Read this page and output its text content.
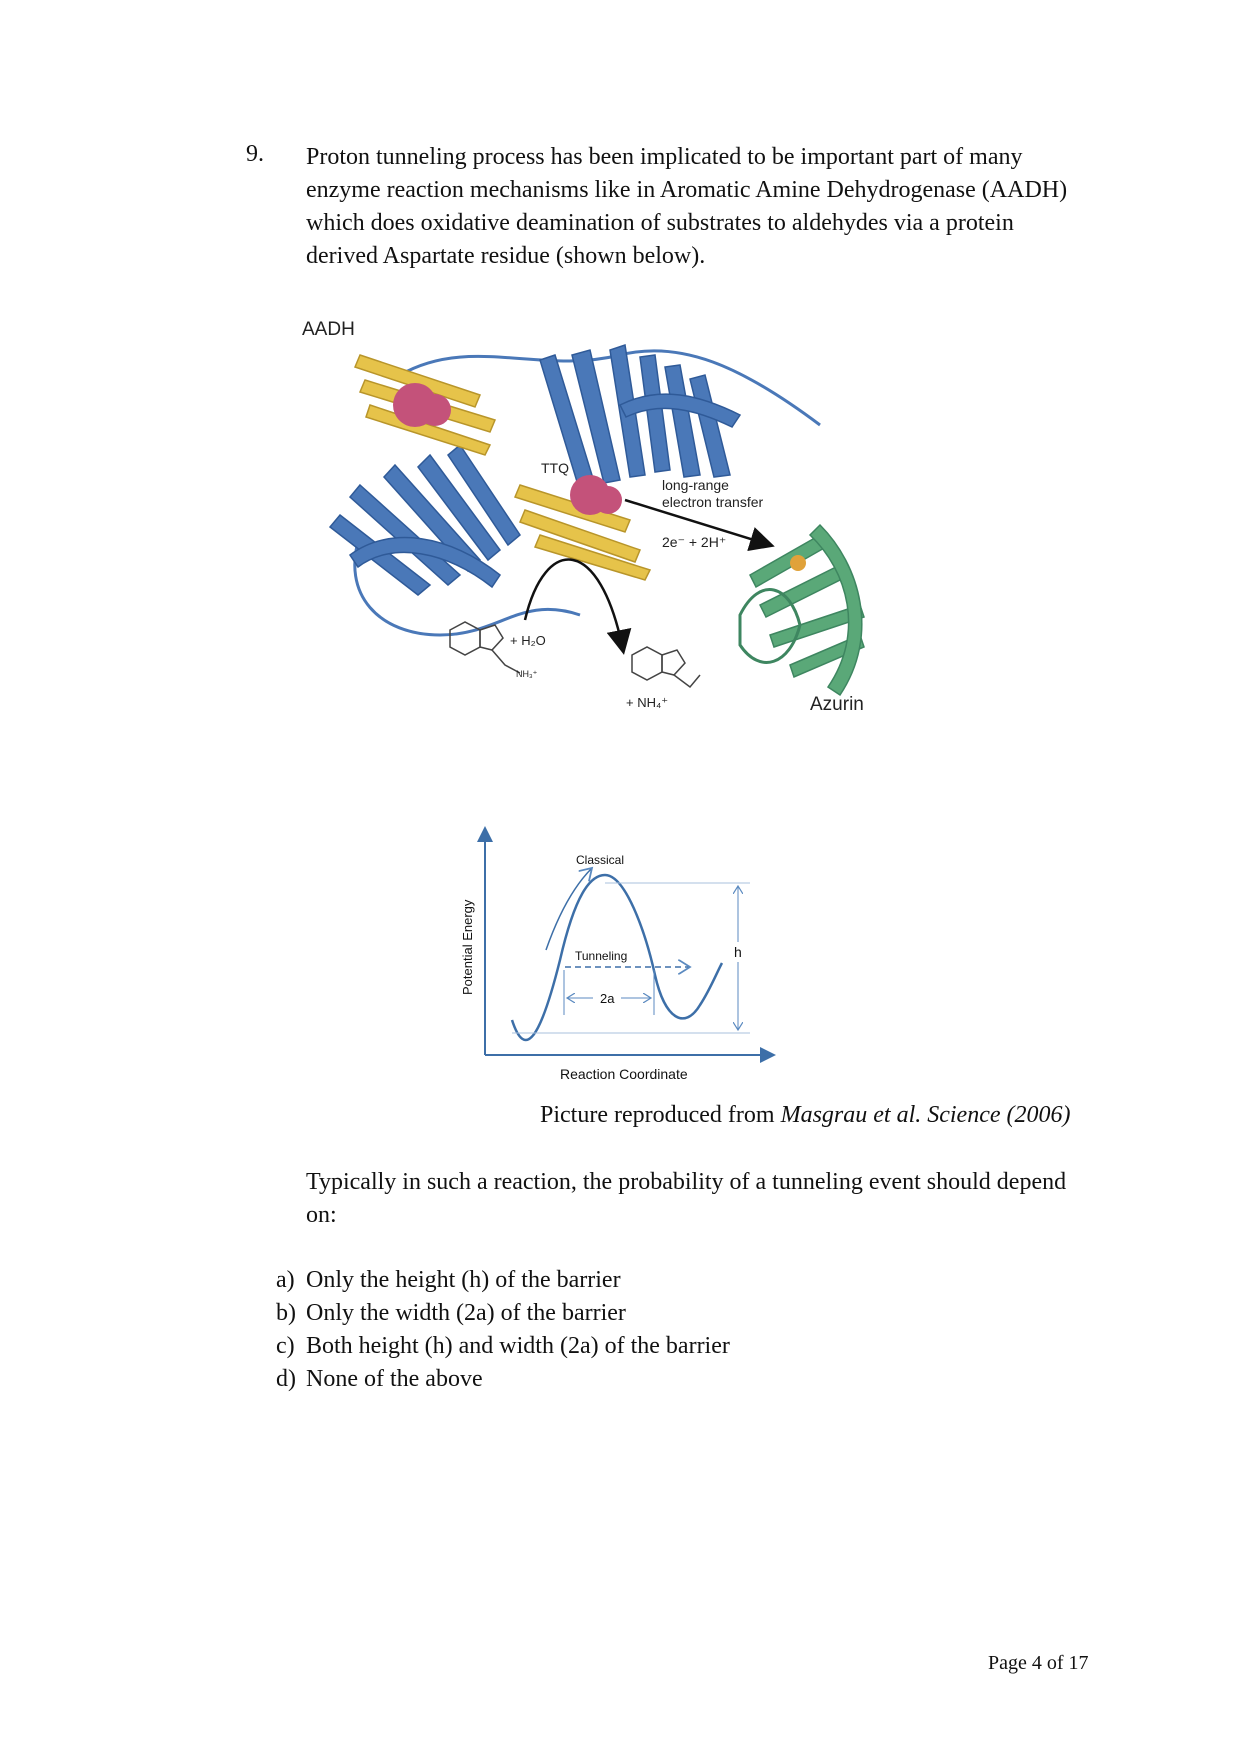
9. Proton tunneling process has been implicated to be important part of many enzyme reaction mechanisms like in Aromatic Amine Dehydrogenase (AADH) which does oxidative deamination of substrates to aldehydes via a protein derived Aspartate residue (shown below).

AADH
TTQ
long-range
electron transfer
2e⁻ + 2H⁺
Azurin
+ H₂O
NH₃⁺
+ NH₄⁺
Potential Energy
Reaction Coordinate
Classical
Tunneling
2a
h
Picture reproduced from Masgrau et al. Science (2006)

Typically in such a reaction, the probability of a tunneling event should depend on:

a) Only the height (h) of the barrier
b) Only the width (2a) of the barrier
c) Both height (h) and width (2a) of the barrier
d) None of the above
Page 4 of 17
